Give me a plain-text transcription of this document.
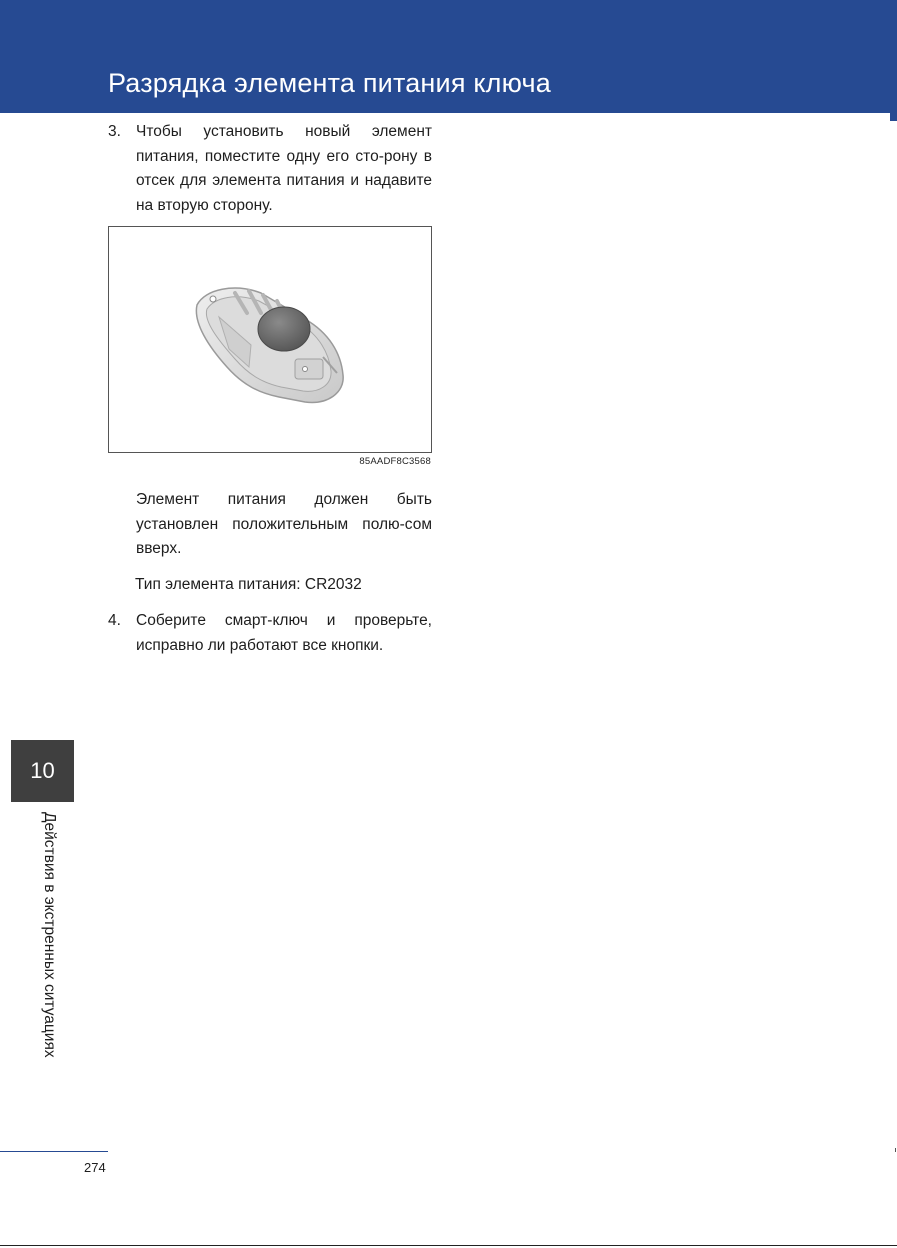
Разрядка элемента питания ключа
3. Чтобы установить новый элемент питания, поместите одну его сто-рону в отсек для элемента питания и надавите на вторую сторону.
85AADF8C3568
Элемент питания должен быть установлен положительным полю-сом вверх.
Тип элемента питания: CR2032
4. Соберите смарт-ключ и проверьте, исправно ли работают все кнопки.
10
Действия в экстренных ситуациях
274
